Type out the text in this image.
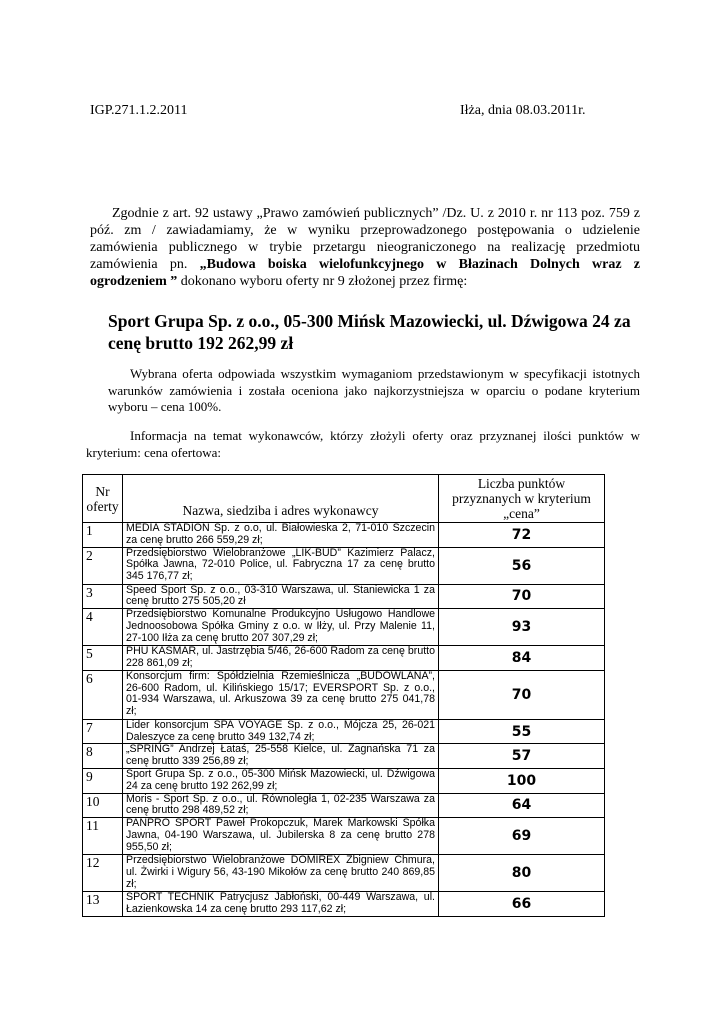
IGP.271.1.2.2011	Iłża, dnia 08.03.2011r.
Zgodnie z art. 92 ustawy „Prawo zamówień publicznych” /Dz. U. z 2010 r. nr 113 poz. 759 z póź. zm / zawiadamiamy, że w wyniku przeprowadzonego postępowania o udzielenie zamówienia publicznego w trybie przetargu nieograniczonego na realizację przedmiotu zamówienia pn. „Budowa boiska wielofunkcyjnego w Błazinach Dolnych wraz z ogrodzeniem ” dokonano wyboru oferty nr 9 złożonej przez firmę:
Sport Grupa Sp. z o.o., 05-300 Mińsk Mazowiecki, ul. Dźwigowa 24 za cenę brutto 192 262,99 zł
Wybrana oferta odpowiada wszystkim wymaganiom przedstawionym w specyfikacji istotnych warunków zamówienia i została oceniona jako najkorzystniejsza w oparciu o podane kryterium wyboru – cena 100%.
Informacja na temat wykonawców, którzy złożyli oferty oraz przyznanej ilości punktów w kryterium: cena ofertowa:
Nr oferty	Nazwa, siedziba i adres wykonawcy	Liczba punktów przyznanych w kryterium „cena”
1	MEDIA STADION Sp. z o.o, ul. Białowieska 2, 71-010 Szczecin za cenę brutto 266 559,29 zł;	72
2	Przedsiębiorstwo Wielobranżowe „LIK-BUD” Kazimierz Palacz, Spółka Jawna, 72-010 Police, ul. Fabryczna 17 za cenę brutto 345 176,77 zł;	56
3	Speed Sport Sp. z o.o., 03-310 Warszawa, ul. Staniewicka 1 za cenę brutto 275 505,20 zł	70
4	Przedsiębiorstwo Komunalne Produkcyjno Usługowo Handlowe Jednoosobowa Spółka Gminy z o.o. w Iłży, ul. Przy Malenie 11, 27-100 Iłża za cenę brutto 207 307,29 zł;	93
5	PHU KASMAR, ul. Jastrzębia 5/46, 26-600 Radom za cenę brutto 228 861,09 zł;	84
6	Konsorcjum firm: Spółdzielnia Rzemieślnicza „BUDOWLANA”, 26-600 Radom, ul. Kilińskiego 15/17; EVERSPORT Sp. z o.o., 01-934 Warszawa, ul. Arkuszowa 39 za cenę brutto 275 041,78 zł;	70
7	Lider konsorcjum SPA VOYAGE Sp. z o.o., Mójcza 25, 26-021 Daleszyce za cenę brutto 349 132,74 zł;	55
8	„SPRING” Andrzej Łataś, 25-558 Kielce, ul. Zagnańska 71 za cenę brutto 339 256,89 zł;	57
9	Sport Grupa Sp. z o.o., 05-300 Mińsk Mazowiecki, ul. Dźwigowa 24 za cenę brutto 192 262,99 zł;	100
10	Moris - Sport Sp. z o.o., ul. Równoległa 1, 02-235 Warszawa za cenę brutto 298 489,52 zł;	64
11	PANPRO SPORT Paweł Prokopczuk, Marek Markowski Spółka Jawna, 04-190 Warszawa, ul. Jubilerska 8 za cenę brutto 278 955,50 zł;	69
12	Przedsiębiorstwo Wielobranżowe DOMIREX Zbigniew Chmura, ul. Żwirki i Wigury 56, 43-190 Mikołów za cenę brutto 240 869,85 zł;	80
13	SPORT TECHNIK Patrycjusz Jabłoński, 00-449 Warszawa, ul. Łazienkowska 14 za cenę brutto 293 117,62 zł;	66
